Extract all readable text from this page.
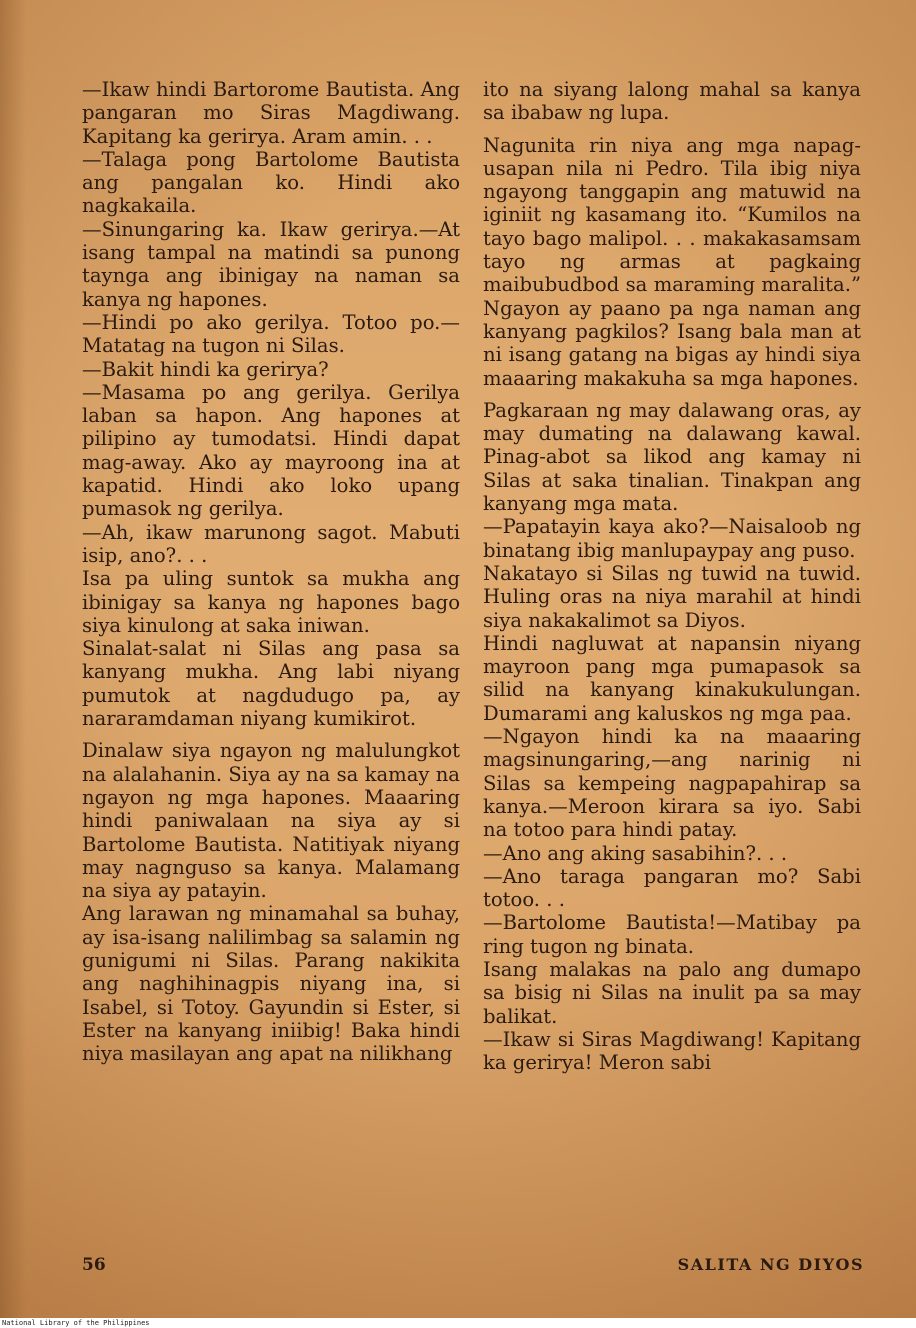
—Ikaw hindi Bartorome Bautista. Ang pangaran mo Siras Magdiwang. Kapitang ka gerirya. Aram amin. . .

—Talaga pong Bartolome Bautista ang pangalan ko. Hindi ako nagkakaila.

—Sinungaring ka. Ikaw gerirya.—At isang tampal na matindi sa punong taynga ang ibinigay na naman sa kanya ng hapones.

—Hindi po ako gerilya. Totoo po.—Matatag na tugon ni Silas.

—Bakit hindi ka gerirya?

—Masama po ang gerilya. Gerilya laban sa hapon. Ang hapones at pilipino ay tumodatsi. Hindi dapat mag-away. Ako ay mayroong ina at kapatid. Hindi ako loko upang pumasok ng gerilya.

—Ah, ikaw marunong sagot. Mabuti isip, ano?. . .

Isa pa uling suntok sa mukha ang ibinigay sa kanya ng hapones bago siya kinulong at saka iniwan.

Sinalat-salat ni Silas ang pasa sa kanyang mukha. Ang labi niyang pumutok at nagdudugo pa, ay nararamdaman niyang kumikirot.

Dinalaw siya ngayon ng malulungkot na alalahanin. Siya ay na sa kamay na ngayon ng mga hapones. Maaaring hindi paniwalaan na siya ay si Bartolome Bautista. Natitiyak niyang may nagnguso sa kanya. Malamang na siya ay patayin.

Ang larawan ng minamahal sa buhay, ay isa-isang nalilimbag sa salamin ng gunigumi ni Silas. Parang nakikita ang naghihinagpis niyang ina, si Isabel, si Totoy. Gayundin si Ester, si Ester na kanyang iniibig! Baka hindi niya masilayan ang apat na nilikhang

ito na siyang lalong mahal sa kanya sa ibabaw ng lupa.

Nagunita rin niya ang mga napag-usapan nila ni Pedro. Tila ibig niya ngayong tanggapin ang matuwid na iginiit ng kasamang ito. “Kumilos na tayo bago malipol. . . makakasamsam tayo ng armas at pagkaing maibubudbod sa maraming maralita.” Ngayon ay paano pa nga naman ang kanyang pagkilos? Isang bala man at ni isang gatang na bigas ay hindi siya maaaring makakuha sa mga hapones.

Pagkaraan ng may dalawang oras, ay may dumating na dalawang kawal. Pinag-abot sa likod ang kamay ni Silas at saka tinalian. Tinakpan ang kanyang mga mata.

—Papatayin kaya ako?—Naisaloob ng binatang ibig manlupaypay ang puso.

Nakatayo si Silas ng tuwid na tuwid. Huling oras na niya marahil at hindi siya nakakalimot sa Diyos.

Hindi nagluwat at napansin niyang mayroon pang mga pumapasok sa silid na kanyang kinakukulungan. Dumarami ang kaluskos ng mga paa.

—Ngayon hindi ka na maaaring magsinungaring,—ang narinig ni Silas sa kempeing nagpapahirap sa kanya.—Meroon kirara sa iyo. Sabi na totoo para hindi patay.

—Ano ang aking sasabihin?. . .

—Ano taraga pangaran mo? Sabi totoo. . .

—Bartolome Bautista!—Matibay pa ring tugon ng binata.

Isang malakas na palo ang dumapo sa bisig ni Silas na inulit pa sa may balikat.

—Ikaw si Siras Magdiwang! Kapitang ka gerirya! Meron sabi

56	SALITA NG DIYOS
National Library of the Philippines
